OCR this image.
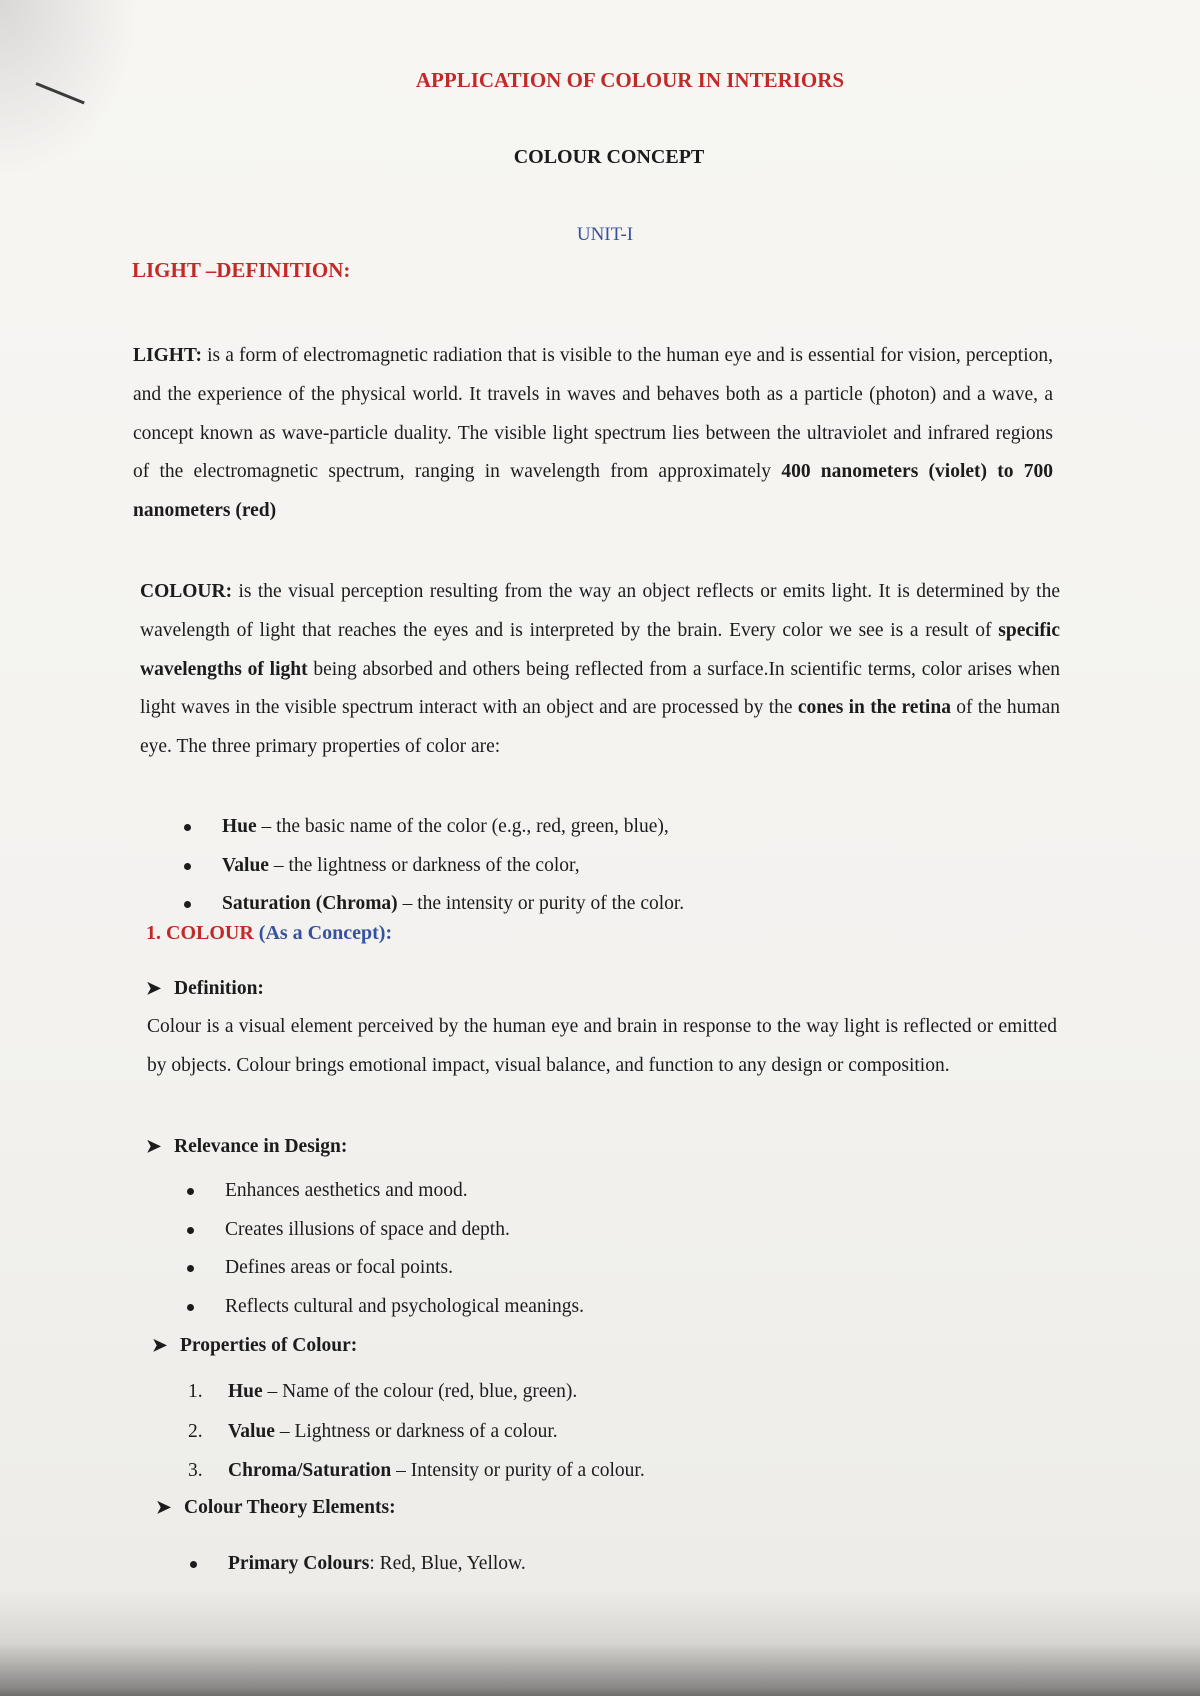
APPLICATION OF COLOUR IN INTERIORS
COLOUR CONCEPT
UNIT-I
LIGHT –DEFINITION:

LIGHT: is a form of electromagnetic radiation that is visible to the human eye and is essential for vision, perception, and the experience of the physical world. It travels in waves and behaves both as a particle (photon) and a wave, a concept known as wave-particle duality. The visible light spectrum lies between the ultraviolet and infrared regions of the electromagnetic spectrum, ranging in wavelength from approximately 400 nanometers (violet) to 700 nanometers (red)

COLOUR: is the visual perception resulting from the way an object reflects or emits light. It is determined by the wavelength of light that reaches the eyes and is interpreted by the brain. Every color we see is a result of specific wavelengths of light being absorbed and others being reflected from a surface.In scientific terms, color arises when light waves in the visible spectrum interact with an object and are processed by the cones in the retina of the human eye. The three primary properties of color are:

Hue – the basic name of the color (e.g., red, green, blue),
Value – the lightness or darkness of the color,
Saturation (Chroma) – the intensity or purity of the color.
1. COLOUR (As a Concept):
➤ Definition:

Colour is a visual element perceived by the human eye and brain in response to the way light is reflected or emitted by objects. Colour brings emotional impact, visual balance, and function to any design or composition.

➤ Relevance in Design:
Enhances aesthetics and mood.
Creates illusions of space and depth.
Defines areas or focal points.
Reflects cultural and psychological meanings.
➤ Properties of Colour:
1. Hue – Name of the colour (red, blue, green).
2. Value – Lightness or darkness of a colour.
3. Chroma/Saturation – Intensity or purity of a colour.
➤ Colour Theory Elements:
Primary Colours: Red, Blue, Yellow.
